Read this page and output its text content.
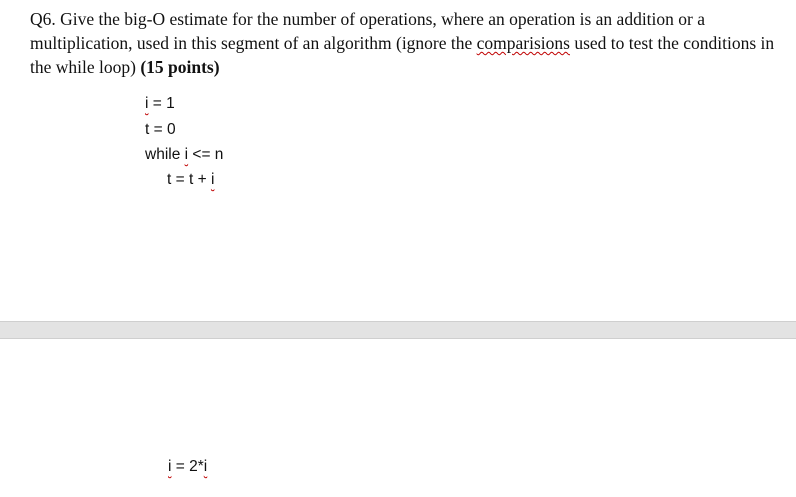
Q6. Give the big-O estimate for the number of operations, where an operation is an addition or a multiplication, used in this segment of an algorithm (ignore the comparisions used to test the conditions in the while loop) (15 points)
i = 1
t = 0
while i <= n
t = t + i
i = 2*i
